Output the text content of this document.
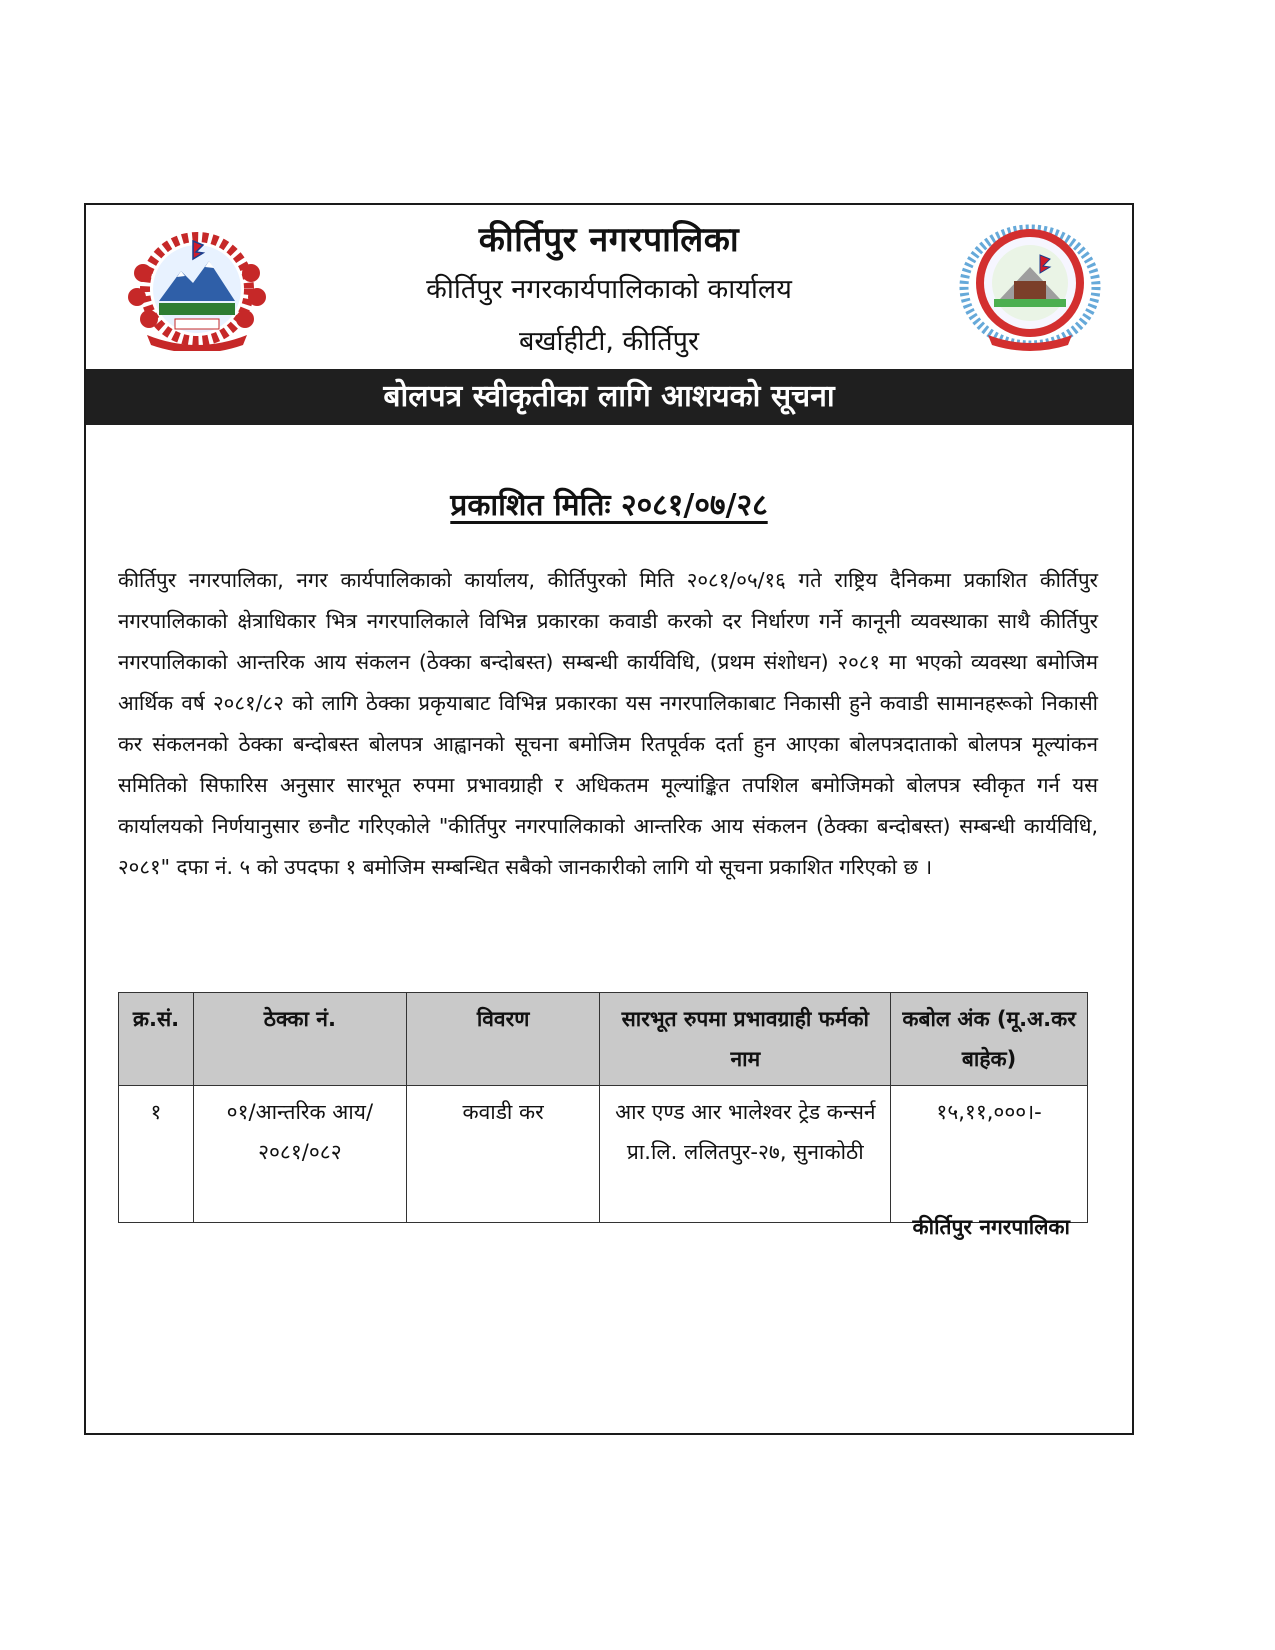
कीर्तिपुर नगरपालिका
कीर्तिपुर नगरकार्यपालिकाको कार्यालय
बर्खाहीटी, कीर्तिपुर
बोलपत्र स्वीकृतीका लागि आशयको सूचना
प्रकाशित मितिः २०८१/०७/२८
कीर्तिपुर नगरपालिका, नगर कार्यपालिकाको कार्यालय, कीर्तिपुरको मिति २०८१/०५/१६ गते राष्ट्रिय दैनिकमा प्रकाशित कीर्तिपुर नगरपालिकाको क्षेत्राधिकार भित्र नगरपालिकाले विभिन्न प्रकारका कवाडी करको दर निर्धारण गर्ने कानूनी व्यवस्थाका साथै कीर्तिपुर नगरपालिकाको आन्तरिक आय संकलन (ठेक्का बन्दोबस्त) सम्बन्धी कार्यविधि, (प्रथम संशोधन) २०८१ मा भएको व्यवस्था बमोजिम आर्थिक वर्ष २०८१/८२ को लागि ठेक्का प्रकृयाबाट विभिन्न प्रकारका यस नगरपालिकाबाट निकासी हुने कवाडी सामानहरूको निकासी कर संकलनको ठेक्का बन्दोबस्त बोलपत्र आह्वानको सूचना बमोजिम रितपूर्वक दर्ता हुन आएका बोलपत्रदाताको बोलपत्र मूल्यांकन समितिको सिफारिस अनुसार सारभूत रुपमा प्रभावग्राही र अधिकतम मूल्यांङ्कित तपशिल बमोजिमको बोलपत्र स्वीकृत गर्न यस कार्यालयको निर्णयानुसार छनौट गरिएकोले "कीर्तिपुर नगरपालिकाको आन्तरिक आय संकलन (ठेक्का बन्दोबस्त) सम्बन्धी कार्यविधि, २०८१" दफा नं. ५ को उपदफा १ बमोजिम सम्बन्धित सबैको जानकारीको लागि यो सूचना प्रकाशित गरिएको छ ।
क्र.सं.	ठेक्का नं.	विवरण	सारभूत रुपमा प्रभावग्राही फर्मको नाम	कबोल अंक (मू.अ.कर बाहेक)
१	०१/आन्तरिक आय/२०८१/०८२	कवाडी कर	आर एण्ड आर भालेश्वर ट्रेड कन्सर्न प्रा.लि. ललितपुर-२७, सुनाकोठी	१५,११,०००।-
कीर्तिपुर नगरपालिका
